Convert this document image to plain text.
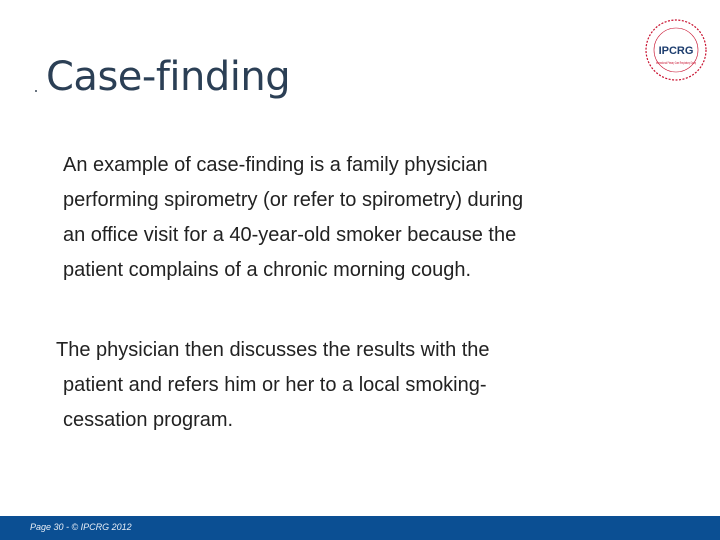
Case-finding
IPCRG
International Primary Care Respiratory Group

An example of case-finding is a family physician
performing spirometry (or refer to spirometry) during
an office visit for a 40-year-old smoker because the
patient complains of a chronic morning cough.

The physician then discusses the results with the
patient and refers him or her to a local smoking-
cessation program.

Page 30 - © IPCRG 2012
